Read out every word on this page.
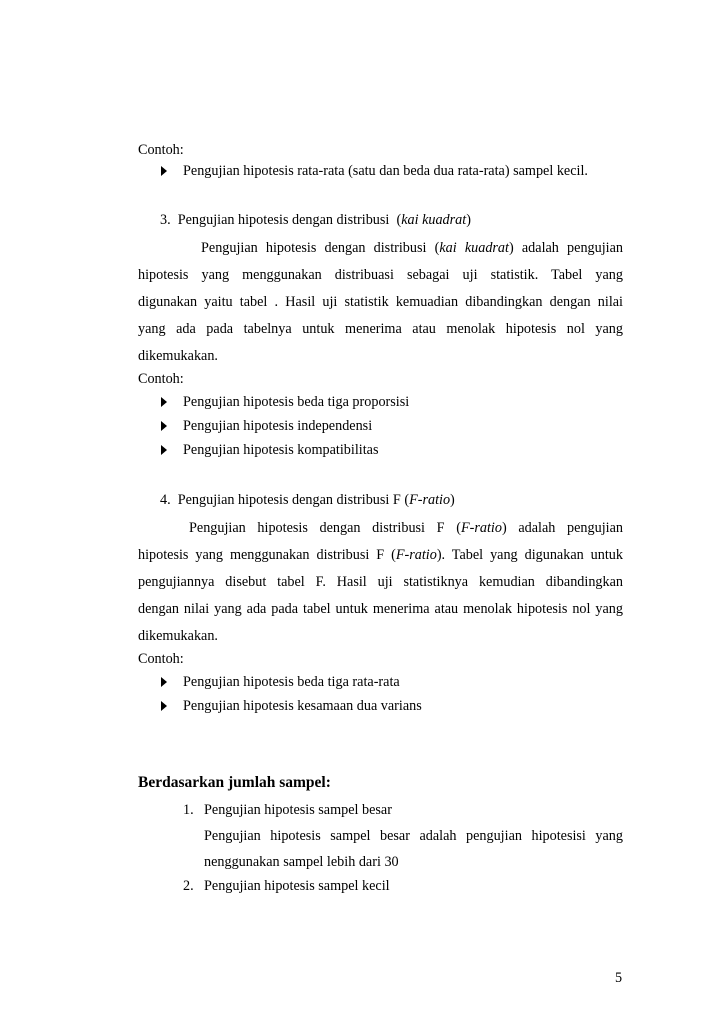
Contoh:
Pengujian hipotesis rata-rata (satu dan beda dua rata-rata) sampel kecil.
3. Pengujian hipotesis dengan distribusi  (kai kuadrat)
Pengujian hipotesis dengan distribusi (kai kuadrat) adalah pengujian
hipotesis yang menggunakan distribuasi sebagai uji statistik. Tabel yang
digunakan yaitu tabel . Hasil uji statistik kemuadian dibandingkan dengan nilai
yang ada pada tabelnya untuk menerima atau menolak hipotesis nol yang
dikemukakan.
Contoh:
Pengujian hipotesis beda tiga proporsisi
Pengujian hipotesis independensi
Pengujian hipotesis kompatibilitas
4. Pengujian hipotesis dengan distribusi F (F-ratio)
Pengujian hipotesis dengan distribusi F (F-ratio) adalah pengujian
hipotesis yang menggunakan distribusi F (F-ratio). Tabel yang digunakan untuk
pengujiannya disebut tabel F. Hasil uji statistiknya kemudian dibandingkan
dengan nilai yang ada pada tabel untuk menerima atau menolak hipotesis nol yang
dikemukakan.
Contoh:
Pengujian hipotesis beda tiga rata-rata
Pengujian hipotesis kesamaan dua varians
Berdasarkan jumlah sampel:
1. Pengujian hipotesis sampel besar
Pengujian hipotesis sampel besar adalah pengujian hipotesisi yang
nenggunakan sampel lebih dari 30
2. Pengujian hipotesis sampel kecil
5
